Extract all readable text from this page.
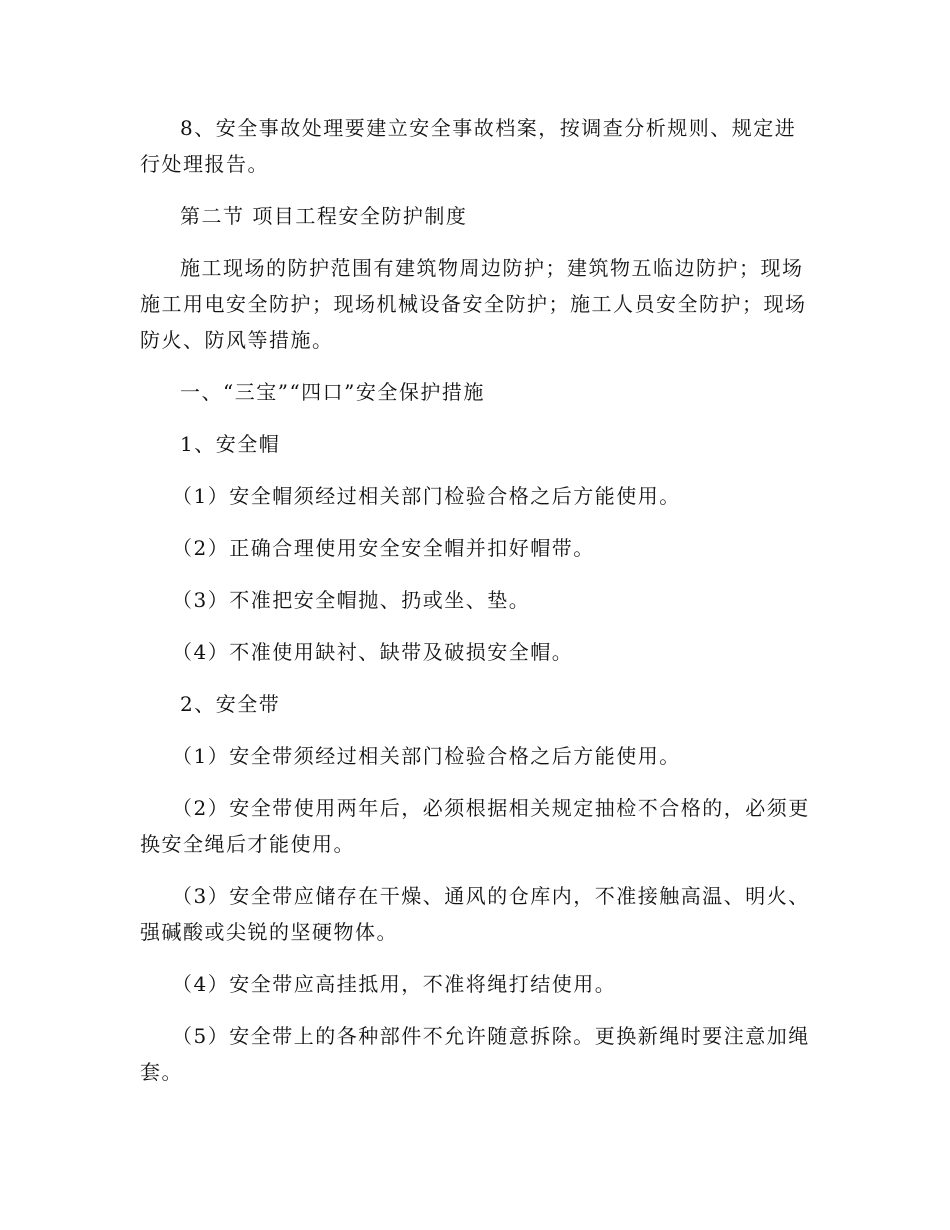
8、安全事故处理要建立安全事故档案，按调查分析规则、规定进行处理报告。

第二节 项目工程安全防护制度

施工现场的防护范围有建筑物周边防护；建筑物五临边防护；现场施工用电安全防护；现场机械设备安全防护；施工人员安全防护；现场防火、防风等措施。

一、“三宝”“四口”安全保护措施

1、安全帽

（1）安全帽须经过相关部门检验合格之后方能使用。

（2）正确合理使用安全安全帽并扣好帽带。

（3）不准把安全帽抛、扔或坐、垫。

（4）不准使用缺衬、缺带及破损安全帽。

2、安全带

（1）安全带须经过相关部门检验合格之后方能使用。

（2）安全带使用两年后，必须根据相关规定抽检不合格的，必须更换安全绳后才能使用。

（3）安全带应储存在干燥、通风的仓库内，不准接触高温、明火、强碱酸或尖锐的坚硬物体。

（4）安全带应高挂抵用，不准将绳打结使用。

（5）安全带上的各种部件不允许随意拆除。更换新绳时要注意加绳套。
